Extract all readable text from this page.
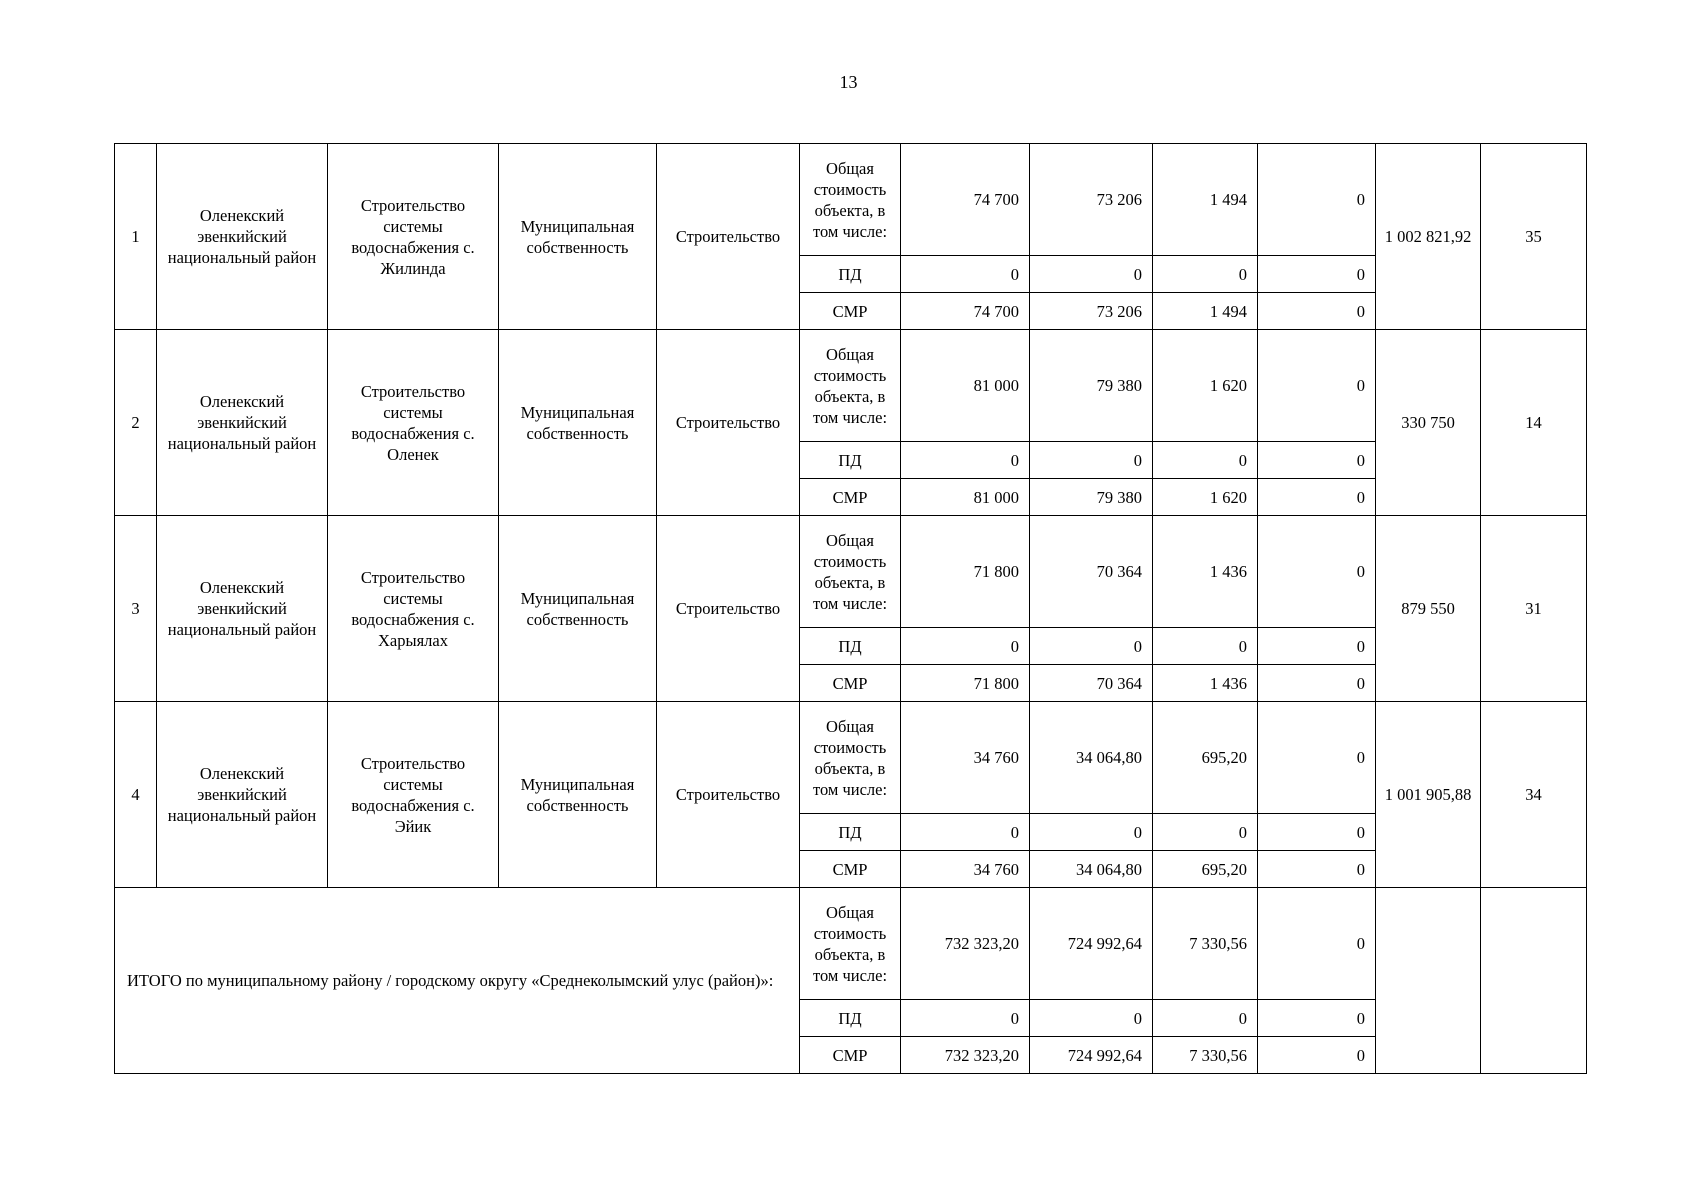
13
1	Оленекский эвенкийский национальный район	Строительство системы водоснабжения с. Жилинда	Муниципальная собственность	Строительство	Общая стоимость объекта, в том числе:	74 700	73 206	1 494	0	1 002 821,92	35
					ПД	0	0	0	0		
					СМР	74 700	73 206	1 494	0		
2	Оленекский эвенкийский национальный район	Строительство системы водоснабжения с. Оленек	Муниципальная собственность	Строительство	Общая стоимость объекта, в том числе:	81 000	79 380	1 620	0	330 750	14
					ПД	0	0	0	0		
					СМР	81 000	79 380	1 620	0		
3	Оленекский эвенкийский национальный район	Строительство системы водоснабжения с. Харыялах	Муниципальная собственность	Строительство	Общая стоимость объекта, в том числе:	71 800	70 364	1 436	0	879 550	31
					ПД	0	0	0	0		
					СМР	71 800	70 364	1 436	0		
4	Оленекский эвенкийский национальный район	Строительство системы водоснабжения с. Эйик	Муниципальная собственность	Строительство	Общая стоимость объекта, в том числе:	34 760	34 064,80	695,20	0	1 001 905,88	34
					ПД	0	0	0	0		
					СМР	34 760	34 064,80	695,20	0		
ИТОГО по муниципальному району / городскому округу «Среднеколымский улус (район)»:					Общая стоимость объекта, в том числе:	732 323,20	724 992,64	7 330,56	0		
					ПД	0	0	0	0		
					СМР	732 323,20	724 992,64	7 330,56	0		
